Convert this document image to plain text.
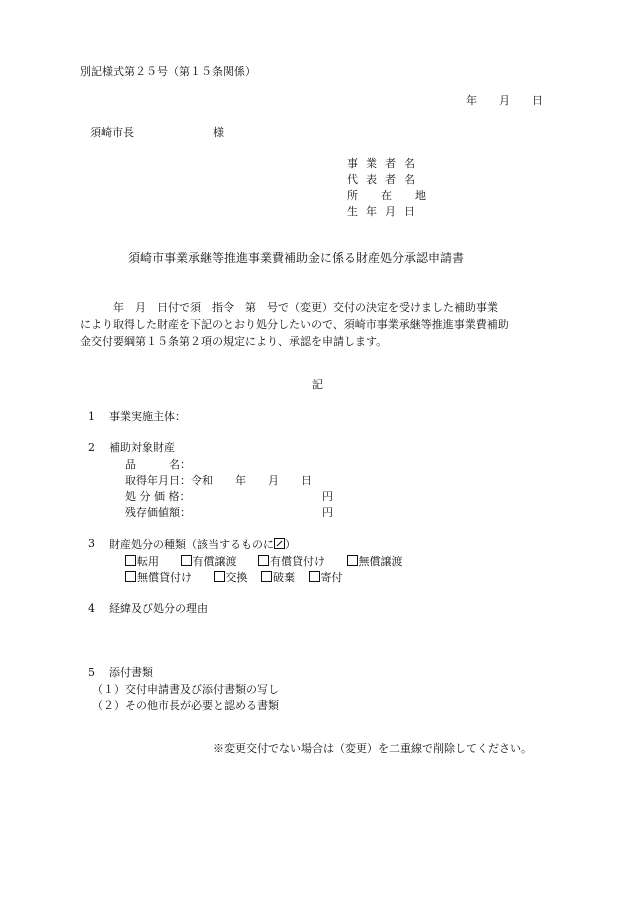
別記様式第２５号（第１５条関係）
年　　月　　日
須崎市長	様
事業者名
代表者名
所在地
生年月日
須崎市事業承継等推進事業費補助金に係る財産処分承認申請書
　　　年　月　日付で須　指令　第　号で（変更）交付の決定を受けました補助事業
により取得した財産を下記のとおり処分したいので、須崎市事業承継等推進事業費補助
金交付要綱第１５条第２項の規定により、承認を申請します。
記
1 事業実施主体：
2 補助対象財産
品　　　名：
取得年月日：令和　　年　　月　　日
処 分 価 格：	円
残存価値額：	円
3 財産処分の種類（該当するものに ）
転用	有償譲渡	有償貸付け	無償譲渡
無償貸付け	交換 破棄 寄付
4 経緯及び処分の理由
5 添付書類
（１）交付申請書及び添付書類の写し
（２）その他市長が必要と認める書類
※変更交付でない場合は（変更）を二重線で削除してください。
